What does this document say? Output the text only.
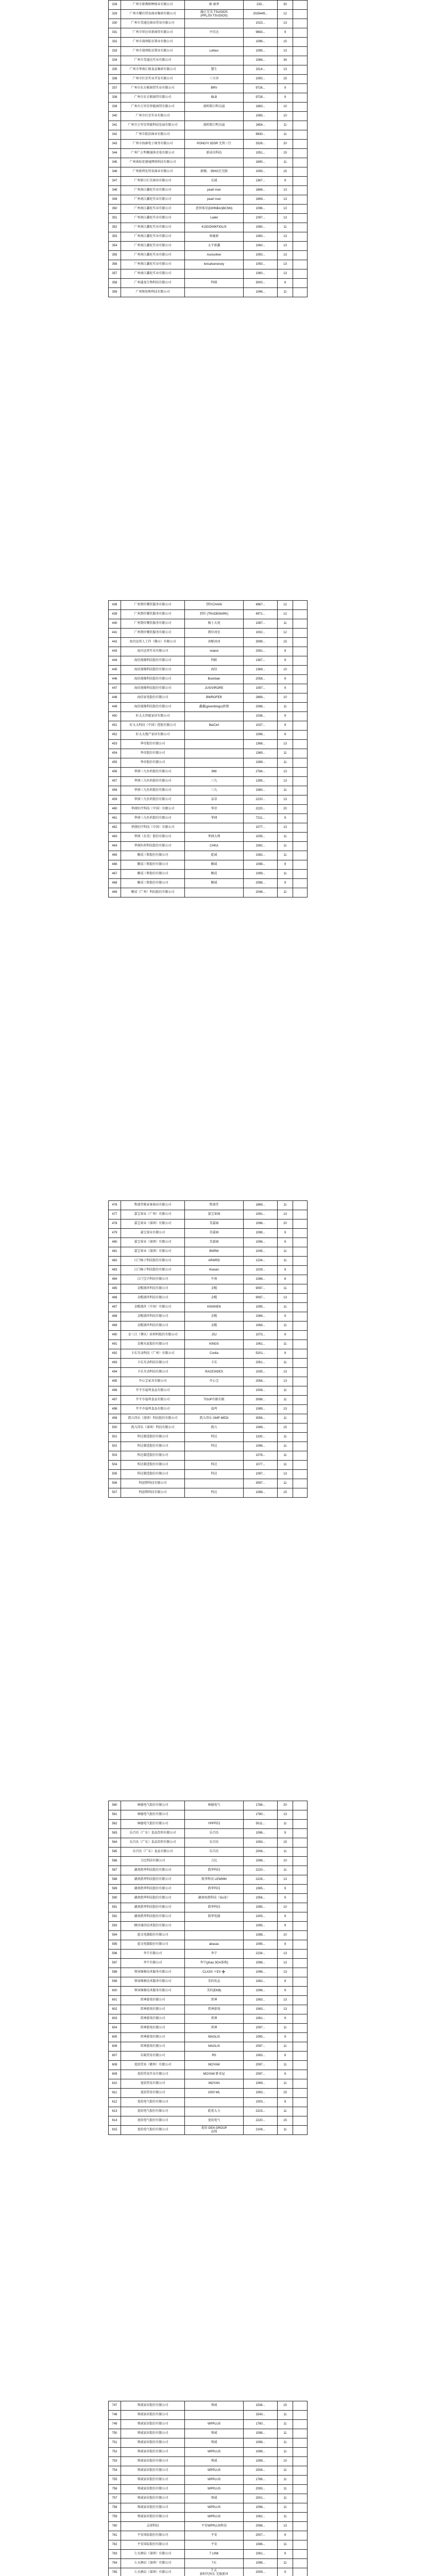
328	广州市新淘树种植业有限公司	康·康香	233...	30	
329	广州市耀佳贸易商业集团有限公司	融正无名 TSUOIOS
(PPLJSI TSUOIOS)	2026445...	12	
330	广州市美通达商业贸易有限公司		1023...	13	
331	广州市智达亚新商贸有限公司	中佳达	9663...	9	
332	广州市深圳航星置业有限公司		1096...	15	
333	广州市深圳航星置业有限公司	Lollour	1095...	13	
334	广州市美通达实业有限公司		1066...	34	
335	广州市华南汇联食品集团有限公司	慧生	1514...	13	
336	广州市红星实业开发有限公司	三立沙	1050...	15	
337	广州市东方联商贸实业有限公司	BRV	9726...	9	
338	广州市东方联商贸有限公司	BLB	9728...	9	
339	广州市万里星智能商贸有限公司	视时昭目明良福	1683...	10	
340	广州市红星实业有限公司		1065...	10	
341	广州市万里星智能科技发展有限公司	视时昭目明良福	1654...	11	
342	广州市航信商业有限公司		9630...	11	
343	广州市海康电子商务有限公司	PONGYI 3DSR 无资三行	3326...	20	
344	广州广正明顺通体光电有限公司	新成功科技	1051...	15	
345	广州南际宏建通网络科技有限公司		1690...	11	
346	广州新鸿发贸易商业有限公司	新顺， 35HO无无限	1093...	15	
347	广州新日汇佳商业有限公司	克诚	1367...	9	
348	广州南江鑫旺实业有限公司	pearl river	1668...	13	
349	广州南江鑫旺实业有限公司	pearl river	1669...	13	
350	广州南江鑫旺实业有限公司	恩智体星(DIHNBA/)BCNN)	1096...	13	
351	广州南江鑫旺实业有限公司	Ladel	1097...	13	
352	广州南江鑫旺实业有限公司	KIJG/DINKFIGLIS	1080...	11	
353	广州南江鑫旺实业有限公司	斑鹿新	1060...	13	
354	广州南江鑫旺实业有限公司	太平新鑫	1060...	13	
355	广州南江鑫旺实业有限公司	Aunosilver	1050...	13	
356	广州南江鑫旺实业有限公司	knisalvarsesey	1050...	13	
357	广州南江鑫旺实业有限公司		1060...	13	
358	广州蒲龙生物科技有限公司	科瑞	3000...	8	
359	广州和协和科技有限公司		1096...	11	
438	广州到位餐饮服务有限公司	到位CHAIN	4967...	12	
439	广州到位餐饮服务有限公司	到位 (TRADEMARK)	4971...	12	
440	广州到位餐饮服务有限公司	骑士大苑	1087...	11	
441	广州到位餐饮服务有限公司	到位冰室	1002...	12	
442	海昌运营人工作（佛山）有限公司	冰鲸冰冰	3099...	15	
443	海昌运营实业有限公司	reland	2091...	9	
444	海信视像科技股份有限公司	科帕	1367...	9	
445	海信视像科技股份有限公司	海信	1369...	10	
446	海信视像科技股份有限公司	Boonban	2058...	9	
447	海信视像科技股份有限公司	JUS/VIRORE	1097...	9	
448	海信家电股份有限公司	BWROFER	2669...	10	
449	海信视像科技股份有限公司	鑫鑫(greenblogs)新娘	2086...	11	
450	好太太智能家居有限公司		1036...	9	
451	好太太科技（中国）控股有限公司	BeiCirrl	1037...	9	
452	好太太地产家居有限公司		1098...	8	
453	华帝股份有限公司		1366...	13	
454	华帝股份有限公司		1369...	11	
455	华帝股份有限公司		1089...	11	
456	华润三九医药股份有限公司	999	2784...	13	
457	华润三九医药股份有限公司	三九	1265...	13	
458	华润三九医药股份有限公司	三九	1060...	11	
459	华润三九医药股份有限公司	皇草	2220...	13	
460	华润医疗科技（中国）有限公司	华帝	2220...	20	
461	华润三九医药股份有限公司	华润	7211...	9	
462	华润医疗科技（中国）有限公司		1077...	13	
463	华润（东莞）股份有限公司	华润大师	1035...	11	
464	华润医药科技股份有限公司	CHKA	1082...	11	
465	顺成三和股份有限公司	乾诚	1082...	11	
466	顺成三和股份有限公司	顺诚	1098...	9	
467	顺成三和股份有限公司	顺成	1099...	11	
468	顺成三和股份有限公司	顺诚	2098...	9	
469	顺成（广州）科技股份有限公司		2048...	11	
476	焦盛堂陈家客商业有限公司	焦盛堂	1869...	11	
477	嘉宝果业（广州）有限公司	嘉宝果园	1091...	13	
478	嘉宝果业（深圳）有限公司	美嘉园	1096...	20	
479	嘉宝果业有限公司	美嘉园	1098...	9	
480	嘉宝果业（深圳）有限公司	美嘉园	1096...	9	
481	嘉宝果业（深圳）有限公司	BNRW	1045...	11	
482	江门杨子科技股份有限公司	ARWRD	1234...	11	
483	江门杨子科技股份有限公司	Kiaoan	1029...	9	
484	江门宝兴科技有限公司	中南	1086...	8	
485	金帽盛世科技有限公司	金帽	9097...	11	
486	金帽盛世科技有限公司	金帽	9097...	13	
487	金帽盛世（中国）有限公司	KINSHEN	1095...	11	
488	金帽盛世科技有限公司	金帽	1066...	9	
489	金帽盛世科技有限公司	金帽	1066...	11	
490	金三江（肇庆）硅材料股份有限公司	JSJ	1073...	9	
491	金刚水泥股份有限公司	KINGS	1061...	11	
492	卡乐互动科技（广州）有限公司	Conlia	5201...	9	
493	卡乐互动科技有限公司	卡乐	2051...	11	
494	卡乐互动科技有限公司	RACESIDES	1035...	13	
495	开心宝家具有限公司	开心宝	2056...	13	
496	开平市福鸡食品有限公司		1008...	11	
497	开平市福鸡食品有限公司	TOUP有限有限	3098...	11	
498	开平市福鸡食品有限公司	福鸡	1089...	13	
499	凯儿得乐（深圳）科技股份有限公司	凯儿得乐 GMP MEDI	3056...	11	
500	凯儿得乐（深圳）科技有限公司	凯儿	1089...	15	
501	科达制造股份有限公司	科达	1100...	11	
502	科达制造股份有限公司	科达	1096...	11	
503	科达制造股份有限公司		1078...	11	
504	科达制造股份有限公司	科达	1077...	11	
505	科达制造股份有限公司	科达	1097...	13	
506	科恩斯科技有限公司		3097...	11	
507	科恩斯科技有限公司	科达	1088...	15	
580	林德电气股份有限公司	林德电气	1788...	20	
581	林德电气股份有限公司		1780...	13	
582	林德电气股份有限公司	YPP科技	5011...	11	
583	乐百氏（广东）食品饮料有限公司	乐百氏	1096...	9	
584	乐百氏（广东）食品饮料有限公司	乐百氏	1093...	15	
585	乐百氏（广东）食品有限公司	乐百氏	2006...	11	
586	力比科技有限公司	力比	1096...	10	
587	湖南凯华科技股份有限公司	凯华科技	2220...	11	
588	湖南凯华科技股份有限公司	凯华科技 LEWMM	2228...	13	
589	湖南凯华科技股份有限公司	凯华科技	1065...	9	
590	湖南凯华科技股份有限公司	湖南鱼凯科技（Go家）	1056...	9	
591	湖南凯华科技股份有限公司	凯华科技	1095...	10	
592	湖南凯华科技股份有限公司	凯华电器	1005...	9	
593	横沙通信技术股份有限公司		1095...	9	
594	蓝文电器股份有限公司		1088...	10	
595	蓝文电器股份有限公司	abasas	1095...	9	
596	李宁有限公司	李宁	2234...	13	
597	李宁有限公司	李宁(yhao 3GA体现)	1096...	13	
598	领导维修技术服务有限公司	CLASS ＊EV ➕	1096...	13	
599	领导维修技术服务有限公司	美的优品	1062...	9	
600	领导维修技术服务有限公司	美的(EKB)	1096...	9	
601	雷神游戏有限公司	雷神	1063...	13	
602	雷神游戏有限公司	雷神游戏	1063...	13	
603	雷神游戏有限公司	雷神	1061...	9	
604	雷神游戏有限公司	雷神	1097...	11	
605	雷神游戏有限公司	MAGLIS	1090...	9	
606	雷神游戏有限公司	MAGLIS	2097...	11	
607	乐陵贸易有限公司	RS	1063...	8	
608	龙铂贸易（赣州）有限公司	MOYAW	2097...	11	
609	龙铂贸易实业有限公司	MOYAW 卧安屋	2097...	9	
610	龙铂贸易有限公司	MOYAN	1069...	11	
611	龙铂贸易有限公司	1000 WL	1063...	15	
612	龙铂电气股份有限公司		1003...	9	
613	龙铂电气股份有限公司	乾瓷大力	2215...	11	
614	龙铂电气股份有限公司	龙铂电气	2220...	15	
615	龙铂电气股份有限公司	龙铂 GEN GROUP
品保	2106...	11	
747	领诚家居股份有限公司	领诚	1536...	15	
748	领诚家居股份有限公司		1543...	11	
749	领诚家居股份有限公司	WPPLUS	1780...	11	
750	领诚家居股份有限公司	领诚	1098...	11	
751	领诚家居股份有限公司	领诚	1096...	11	
752	领诚家居股份有限公司	WPPLUS	1098...	11	
753	领诚家居股份有限公司	领诚	1099...	10	
754	领诚家居股份有限公司	WPPLUS	2008...	11	
755	领诚家居股份有限公司	WPPLUS	1786...	11	
756	领诚家居股份有限公司	WPPLUS	2093...	11	
757	领诚家居股份有限公司	领诚	2001...	11	
758	领诚家居股份有限公司	WPPLUS	1098...	11	
759	领诚家居股份有限公司	WPPLUS	1062...	11	
760	灵诺科技	平安WPPLUS科技	2098...	13	
761	平安国际股份有限公司	平安	2007...	9	
762	平安国际股份有限公司	平安	1086...	11	
763	七天酒店（深圳）有限公司	7 LINK	1061...	9	
764	七天酒店（深圳）有限公司	7天	1096...	11	
765	七天酒店（深圳）有限公司	7 天
新时代快乐 无限新世	2009...	9	
